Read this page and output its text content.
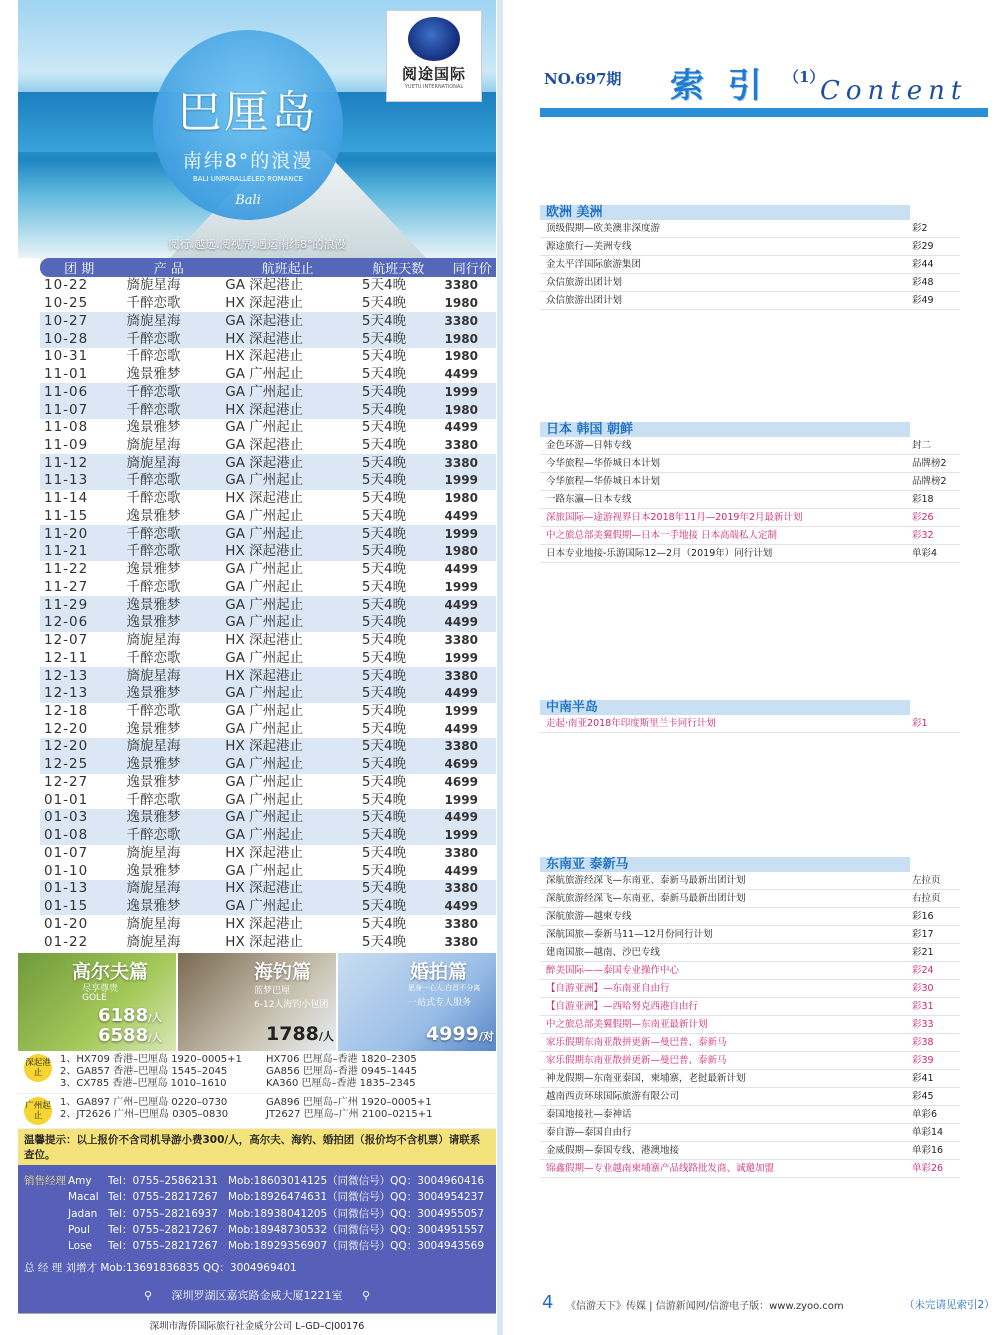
阅途国际
YUETU INTERNATIONAL
巴厘岛
南纬8°的浪漫
BALI UNPARALLELED ROMANCE
Bali
阅行.越远.阅视界.遇运南纬8°的浪漫
团 期	产 品	航班起止	航班天数	同行价
10-22	旖旎星海	GA 深起港止	5天4晚	3380
10-25	千醉恋歌	HX 深起港止	5天4晚	1980
10-27	旖旎星海	GA 深起港止	5天4晚	3380
10-28	千醉恋歌	HX 深起港止	5天4晚	1980
10-31	千醉恋歌	HX 深起港止	5天4晚	1980
11-01	逸景雅梦	GA 广州起止	5天4晚	4499
11-06	千醉恋歌	GA 广州起止	5天4晚	1999
11-07	千醉恋歌	HX 深起港止	5天4晚	1980
11-08	逸景雅梦	GA 广州起止	5天4晚	4499
11-09	旖旎星海	GA 深起港止	5天4晚	3380
11-12	旖旎星海	GA 深起港止	5天4晚	3380
11-13	千醉恋歌	GA 广州起止	5天4晚	1999
11-14	千醉恋歌	HX 深起港止	5天4晚	1980
11-15	逸景雅梦	GA 广州起止	5天4晚	4499
11-20	千醉恋歌	GA 广州起止	5天4晚	1999
11-21	千醉恋歌	HX 深起港止	5天4晚	1980
11-22	逸景雅梦	GA 广州起止	5天4晚	4499
11-27	千醉恋歌	GA 广州起止	5天4晚	1999
11-29	逸景雅梦	GA 广州起止	5天4晚	4499
12-06	逸景雅梦	GA 广州起止	5天4晚	4499
12-07	旖旎星海	HX 深起港止	5天4晚	3380
12-11	千醉恋歌	GA 广州起止	5天4晚	1999
12-13	旖旎星海	HX 深起港止	5天4晚	3380
12-13	逸景雅梦	GA 广州起止	5天4晚	4499
12-18	千醉恋歌	GA 广州起止	5天4晚	1999
12-20	逸景雅梦	GA 广州起止	5天4晚	4499
12-20	旖旎星海	HX 深起港止	5天4晚	3380
12-25	逸景雅梦	GA 广州起止	5天4晚	4699
12-27	逸景雅梦	GA 广州起止	5天4晚	4699
01-01	千醉恋歌	GA 广州起止	5天4晚	1999
01-03	逸景雅梦	GA 广州起止	5天4晚	4499
01-08	千醉恋歌	GA 广州起止	5天4晚	1999
01-07	旖旎星海	HX 深起港止	5天4晚	3380
01-10	逸景雅梦	GA 广州起止	5天4晚	4499
01-13	旖旎星海	HX 深起港止	5天4晚	3380
01-15	逸景雅梦	GA 广州起止	5天4晚	4499
01-20	旖旎星海	HX 深起港止	5天4晚	3380
01-22	旖旎星海	HX 深起港止	5天4晚	3380
高尔夫篇
尽享尊贵
GOLE
6188/人
6588/人
海钓篇
蓝梦巴厘
6-12人海钓小包团
1788/人
婚拍篇
思身一心人,白首不分离
一站式专人服务
4999/对
深起港止
1、HX709 香港–巴厘岛 1920–0005+1
2、GA857 香港–巴厘岛 1545–2045
3、CX785 香港–巴厘岛 1010–1610
HX706 巴厘岛–香港 1820–2305
GA856 巴厘岛–香港 0945–1445
KA360 巴厘岛–香港 1835–2345
广州起止
1、GA897 广州–巴厘岛 0220–0730
2、JT2626 广州–巴厘岛 0305–0830
GA896 巴厘岛–广州 1920–0005+1
JT2627 巴厘岛–广州 2100–0215+1
温馨提示：以上报价不含司机导游小费300/人，高尔夫、海钓、婚拍团（报价均不含机票）请联系查位。
销售经理 Amy	Tel：0755–25862131 Mob:18603014125（同微信号）QQ：3004960416
Macal Tel：0755–28217267 Mob:18926474631（同微信号）QQ：3004954237
Jadan	Tel：0755–28216937 Mob:18938041205（同微信号）QQ：3004955057
Poul	Tel：0755–28217267 Mob:18948730532（同微信号）QQ：3004951557
Lose	Tel：0755–28217267 Mob:18929356907（同微信号）QQ：3004943569
总 经 理 刘增才 Mob:13691836835 QQ：3004969401
⚲ 深圳罗湖区嘉宾路金威大厦1221室 ⚲
深圳市海侨国际旅行社金威分公司 L–GD–CJ00176
NO.697期 索 引 （1）
Content
欧洲 美洲
顶级假期—欧美澳非深度游	彩2
源途旅行—美洲专线	彩29
金太平洋国际旅游集团	彩44
众信旅游出团计划	彩48
众信旅游出团计划	彩49
日本 韩国 朝鲜
金色环游—日韩专线	封二
今华旅程—华侨城日本计划	品牌榜2
今华旅程—华侨城日本计划	品牌榜2
一路东瀛—日本专线	彩18
深旅国际—途游视界日本2018年11月—2019年2月最新计划	彩26
中之旅总部美翼假期—日本一手地接 日本高端私人定制	彩32
日本专业地接-乐游国际12—2月（2019年）同行计划	单彩4
中南半岛
走起·南亚2018年印度斯里兰卡同行计划	彩1
东南亚 泰新马
深航旅游经深飞—东南亚、泰新马最新出团计划	左拉页
深航旅游经深飞—东南亚、泰新马最新出团计划	右拉页
深航旅游—越柬专线	彩16
深航国旅—泰新马11—12月份同行计划	彩17
建南国旅—越南、沙巴专线	彩21
醉美国际——泰国专业操作中心	彩24
【自游亚洲】—东南亚自由行	彩30
【自游亚洲】—西哈努克西港自由行	彩31
中之旅总部美翼假期—东南亚最新计划	彩33
家乐假期东南亚散拼更新—曼巴普、泰新马	彩38
家乐假期东南亚散拼更新—曼巴普、泰新马	彩39
神龙假期—东南亚泰国，柬埔寨，老挝最新计划	彩41
越南西贡环球国际旅游有限公司	彩45
泰国地接社—泰神话	单彩6
泰自游—泰国自由行	单彩14
金威假期—泰国专线、港澳地接	单彩16
锦鑫假期—专业越南柬埔寨产品线路批发商、诚邀加盟	单彩26
4 《信游天下》传媒 | 信游新闻网/信游电子版：www.zyoo.com	（未完请见索引2）
